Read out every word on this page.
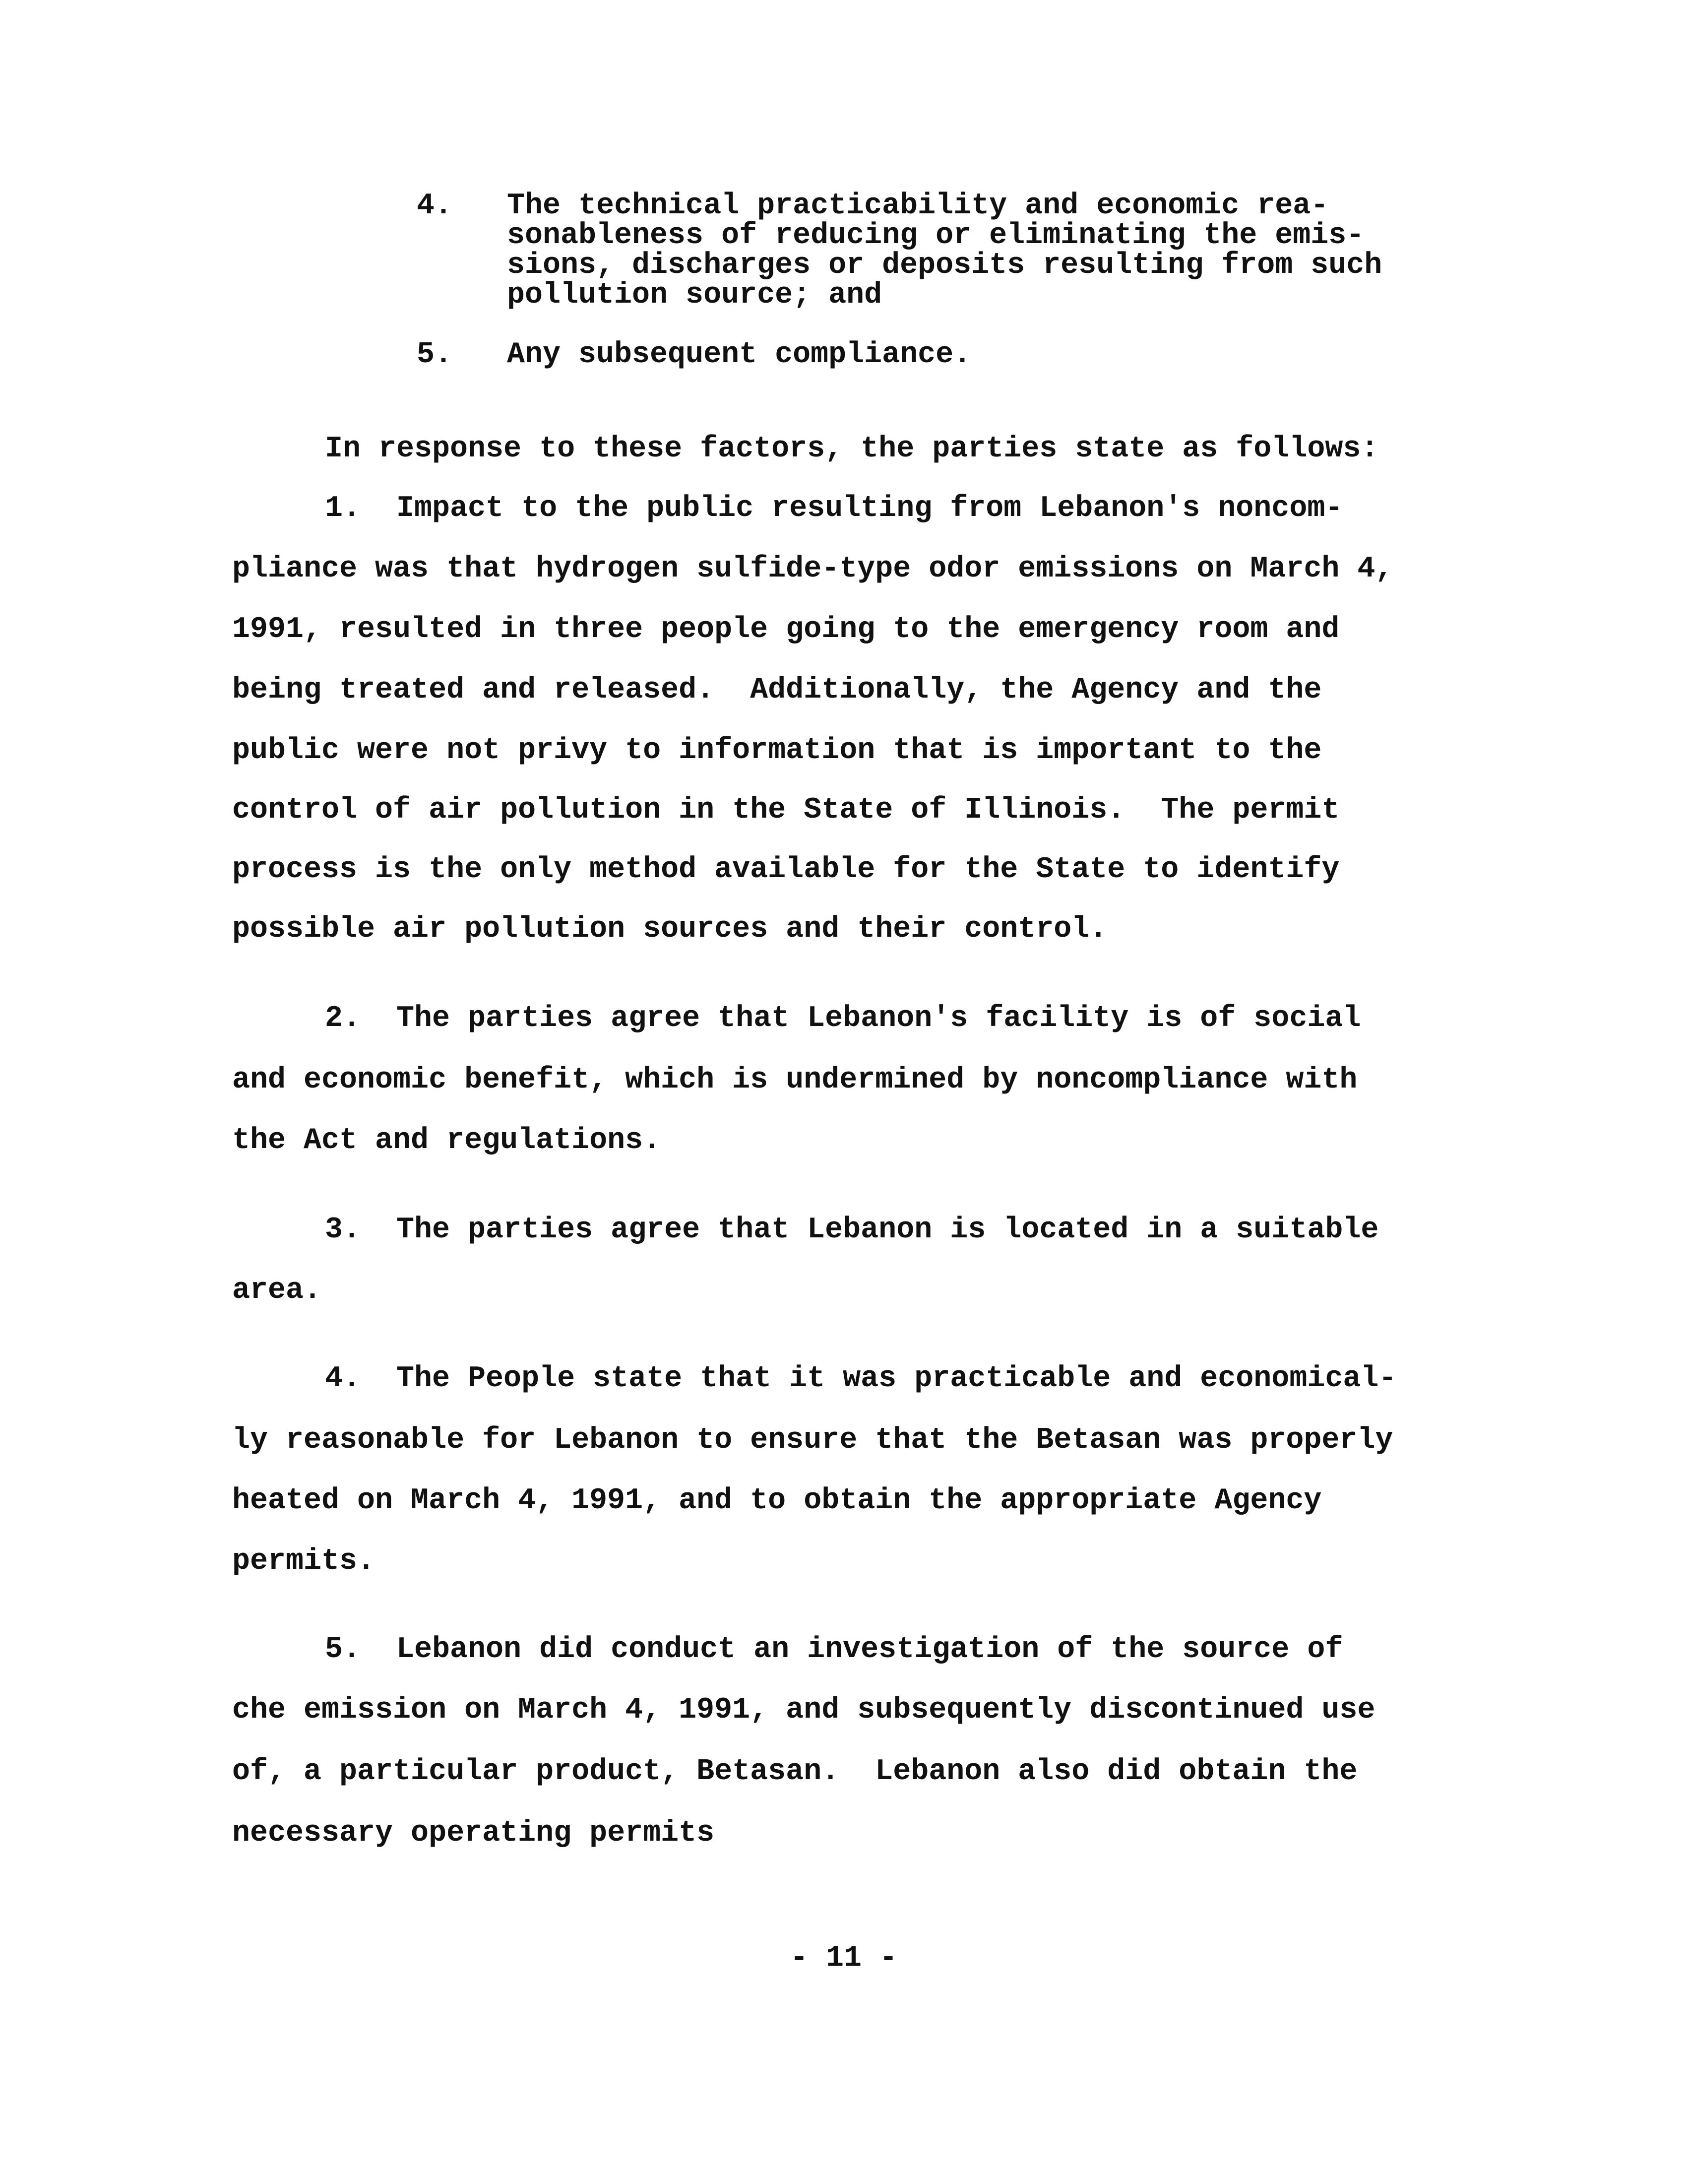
4. The technical practicability and economic rea-
sonableness of reducing or eliminating the emis-
sions, discharges or deposits resulting from such
pollution source; and
5. Any subsequent compliance.
In response to these factors, the parties state as follows:
1.  Impact to the public resulting from Lebanon's noncom-
pliance was that hydrogen sulfide-type odor emissions on March 4,
1991, resulted in three people going to the emergency room and
being treated and released.  Additionally, the Agency and the
public were not privy to information that is important to the
control of air pollution in the State of Illinois.  The permit
process is the only method available for the State to identify
possible air pollution sources and their control.
2.  The parties agree that Lebanon's facility is of social
and economic benefit, which is undermined by noncompliance with
the Act and regulations.
3.  The parties agree that Lebanon is located in a suitable
area.
4.  The People state that it was practicable and economical-
ly reasonable for Lebanon to ensure that the Betasan was properly
heated on March 4, 1991, and to obtain the appropriate Agency
permits.
5.  Lebanon did conduct an investigation of the source of
che emission on March 4, 1991, and subsequently discontinued use
of, a particular product, Betasan.  Lebanon also did obtain the
necessary operating permits
- 11 -
